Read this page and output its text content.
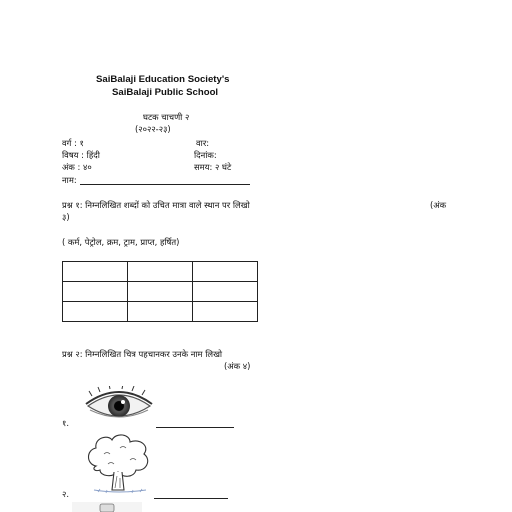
SaiBalaji Education Society's
SaiBalaji Public School
घटक चाचणी २
(२०२२-२३)
वर्ग : १	वार:
विषय : हिंदी	दिनांक:
अंक : ४०	समय: २ घंटे
नाम:
प्रश्न १: निम्नलिखित शब्दों को उचित मात्रा वाले स्थान पर लिखो	(अंक
३)
( कर्म, पेट्रोल, क्रम, ट्राम, प्राप्त, हर्षित)

प्रश्न २: निम्नलिखित चित्र पहचानकर उनके नाम लिखो
(अंक ४)
१.
२.
